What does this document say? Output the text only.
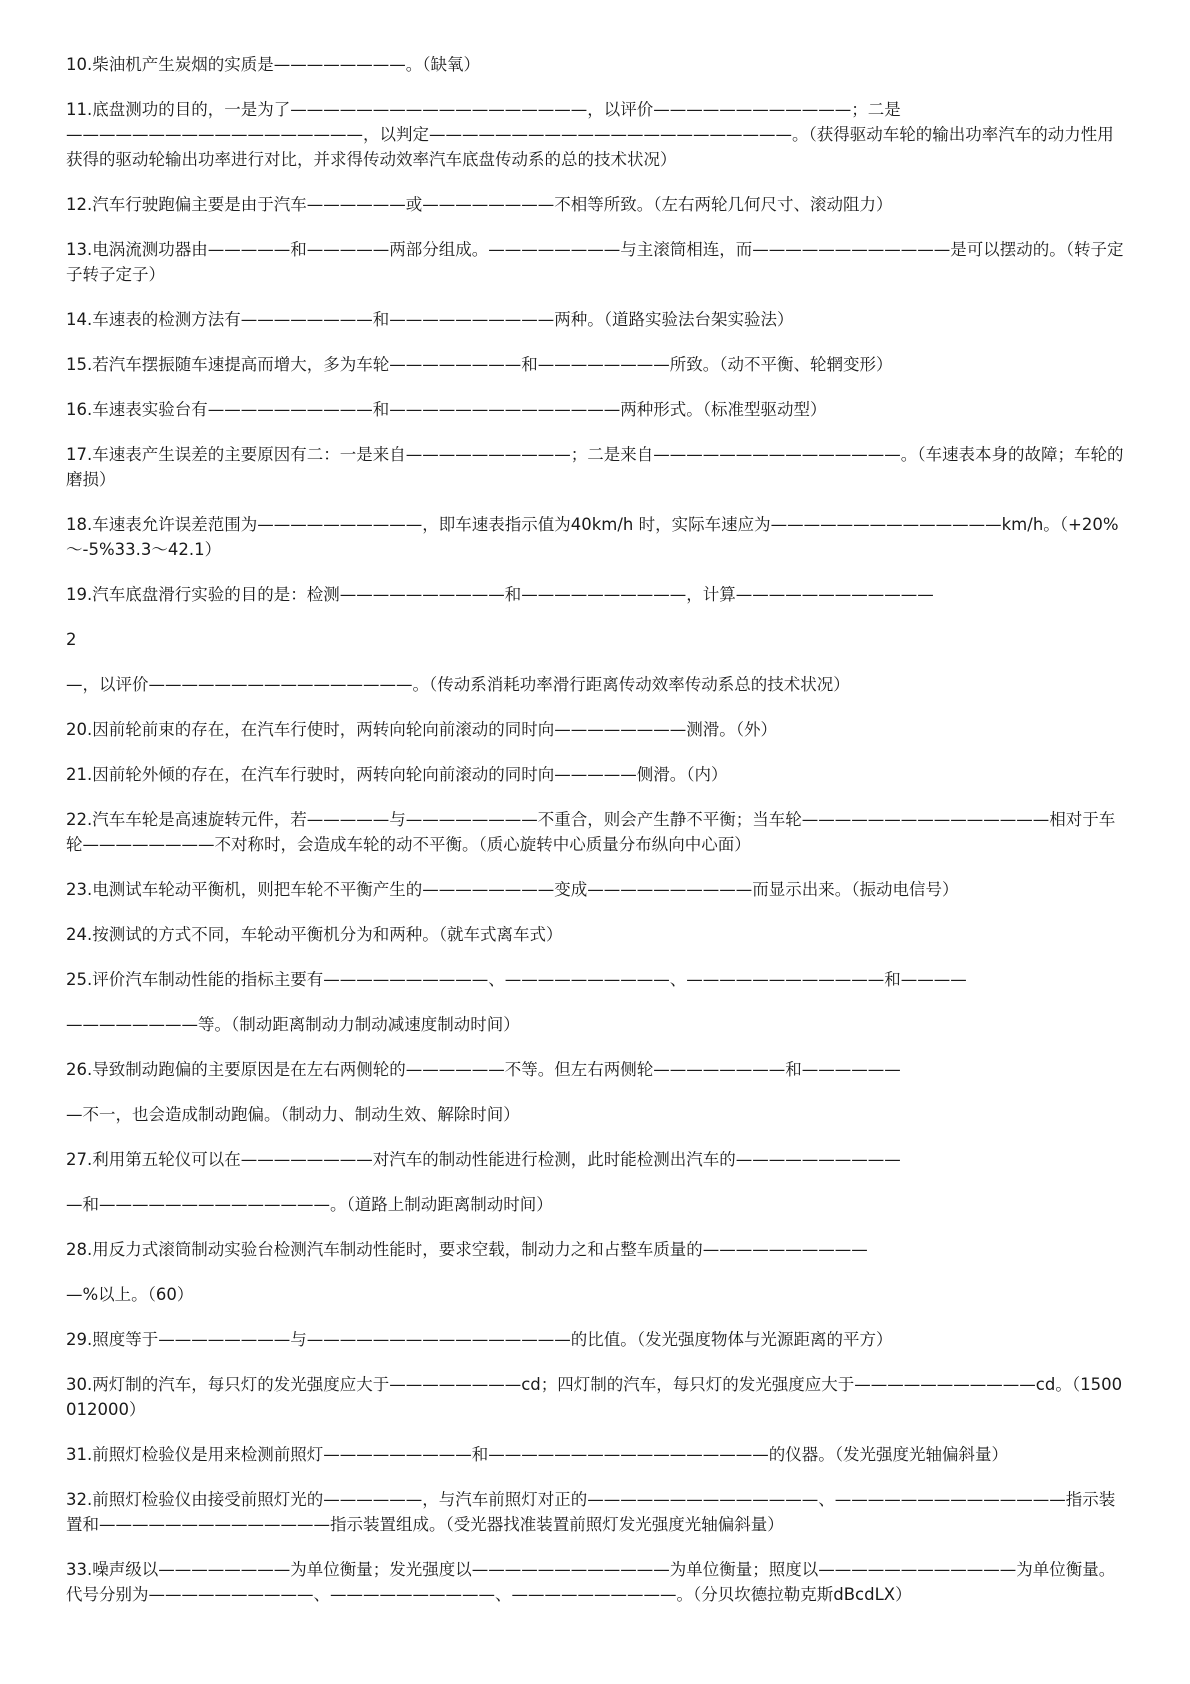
10.柴油机产生炭烟的实质是————————。（缺氧）

11.底盘测功的目的，一是为了——————————————————，以评价————————————；二是——————————————————，以判定——————————————————————。（获得驱动车轮的输出功率汽车的动力性用获得的驱动轮输出功率进行对比，并求得传动效率汽车底盘传动系的总的技术状况）

12.汽车行驶跑偏主要是由于汽车——————或————————不相等所致。（左右两轮几何尺寸、滚动阻力）

13.电涡流测功器由—————和—————两部分组成。————————与主滚筒相连，而————————————是可以摆动的。（转子定子转子定子）

14.车速表的检测方法有————————和——————————两种。（道路实验法台架实验法）

15.若汽车摆振随车速提高而增大，多为车轮————————和————————所致。（动不平衡、轮辋变形）

16.车速表实验台有——————————和——————————————两种形式。（标准型驱动型）

17.车速表产生误差的主要原因有二：一是来自——————————；二是来自———————————————。（车速表本身的故障；车轮的磨损）

18.车速表允许误差范围为——————————，即车速表指示值为40km/h 时，实际车速应为——————————————km/h。（+20%～-5%33.3～42.1）

19.汽车底盘滑行实验的目的是：检测——————————和——————————，计算————————————

2

—，以评价————————————————。（传动系消耗功率滑行距离传动效率传动系总的技术状况）

20.因前轮前束的存在，在汽车行使时，两转向轮向前滚动的同时向————————测滑。（外）

21.因前轮外倾的存在，在汽车行驶时，两转向轮向前滚动的同时向—————侧滑。（内）

22.汽车车轮是高速旋转元件，若—————与————————不重合，则会产生静不平衡；当车轮———————————————相对于车轮————————不对称时，会造成车轮的动不平衡。（质心旋转中心质量分布纵向中心面）

23.电测试车轮动平衡机，则把车轮不平衡产生的————————变成——————————而显示出来。（振动电信号）

24.按测试的方式不同，车轮动平衡机分为和两种。（就车式离车式）

25.评价汽车制动性能的指标主要有——————————、——————————、————————————和————

————————等。（制动距离制动力制动减速度制动时间）

26.导致制动跑偏的主要原因是在左右两侧轮的——————不等。但左右两侧轮————————和——————

—不一，也会造成制动跑偏。（制动力、制动生效、解除时间）

27.利用第五轮仪可以在————————对汽车的制动性能进行检测，此时能检测出汽车的——————————

—和——————————————。（道路上制动距离制动时间）

28.用反力式滚筒制动实验台检测汽车制动性能时，要求空载，制动力之和占整车质量的——————————

—%以上。（60）

29.照度等于————————与————————————————的比值。（发光强度物体与光源距离的平方）

30.两灯制的汽车，每只灯的发光强度应大于————————cd；四灯制的汽车，每只灯的发光强度应大于———————————cd。（1500012000）

31.前照灯检验仪是用来检测前照灯—————————和—————————————————的仪器。（发光强度光轴偏斜量）

32.前照灯检验仪由接受前照灯光的——————，与汽车前照灯对正的——————————————、——————————————指示装置和——————————————指示装置组成。（受光器找准装置前照灯发光强度光轴偏斜量）

33.噪声级以————————为单位衡量；发光强度以————————————为单位衡量；照度以————————————为单位衡量。代号分别为——————————、——————————、——————————。（分贝坎德拉勒克斯dBcdLX）
